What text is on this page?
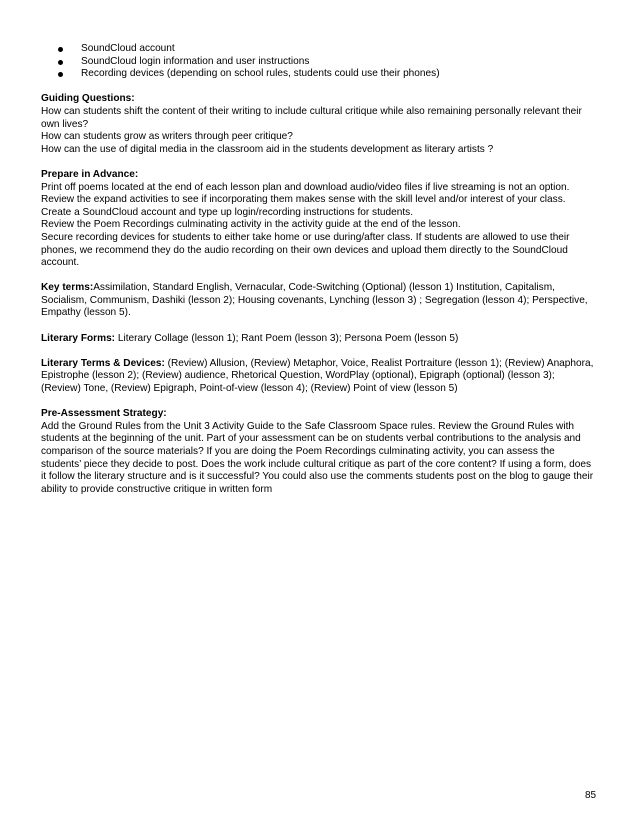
SoundCloud account
SoundCloud login information and user instructions
Recording devices (depending on school rules, students could use their phones)
Guiding Questions:

How can students shift the content of their writing to include cultural critique while also remaining personally relevant their own lives?

How can students grow as writers through peer critique?

How can the use of digital media in the classroom aid in the students development as literary artists ?

Prepare in Advance:

Print off poems located at the end of each lesson plan and download audio/video files if live streaming is not an option.

Review the expand activities to see if incorporating them makes sense with the skill level and/or interest of your class.

Create a SoundCloud account and type up login/recording instructions for students.

Review the Poem Recordings culminating activity in the activity guide at the end of the lesson.

Secure recording devices for students to either take home or use during/after class. If students are allowed to use their phones, we recommend they do the audio recording on their own devices and upload them directly to the SoundCloud account.

Key terms:Assimilation, Standard English, Vernacular, Code-Switching (Optional) (lesson 1) Institution, Capitalism, Socialism, Communism, Dashiki (lesson 2); Housing covenants, Lynching (lesson 3) ; Segregation (lesson 4); Perspective, Empathy (lesson 5).

Literary Forms: Literary Collage (lesson 1); Rant Poem (lesson 3); Persona Poem (lesson 5)

Literary Terms & Devices: (Review) Allusion, (Review) Metaphor, Voice, Realist Portraiture (lesson 1); (Review) Anaphora, Epistrophe (lesson 2); (Review) audience, Rhetorical Question, WordPlay (optional), Epigraph (optional) (lesson 3); (Review) Tone, (Review) Epigraph, Point-of-view (lesson 4); (Review) Point of view (lesson 5)

Pre-Assessment Strategy:

Add the Ground Rules from the Unit 3 Activity Guide to the Safe Classroom Space rules. Review the Ground Rules with students at the beginning of the unit. Part of your assessment can be on students verbal contributions to the analysis and comparison of the source materials? If you are doing the Poem Recordings culminating activity, you can assess the students’ piece they decide to post. Does the work include cultural critique as part of the core content? If using a form, does it follow the literary structure and is it successful? You could also use the comments students post on the blog to gauge their ability to provide constructive critique in written form

85
